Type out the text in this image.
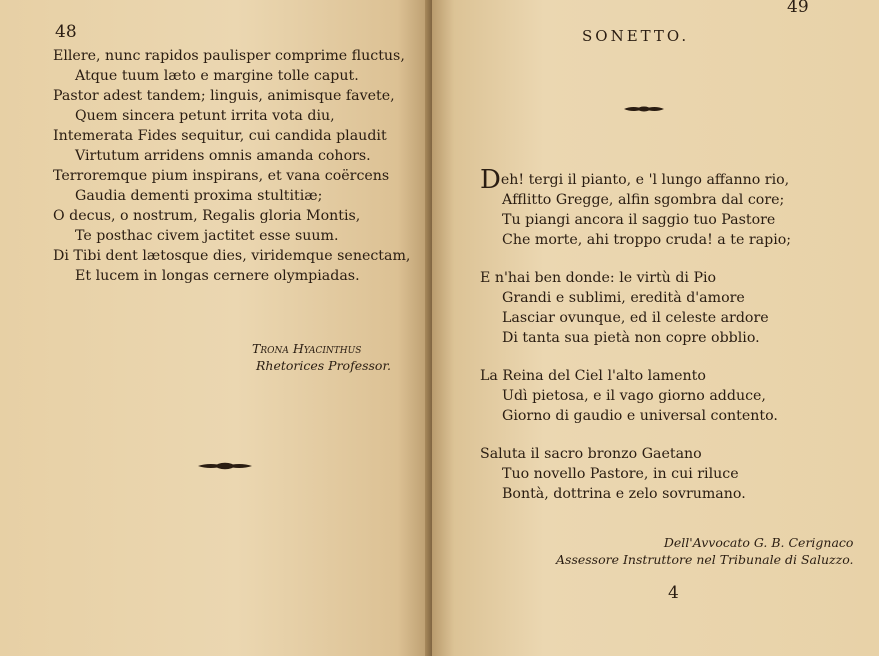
48
Ellere, nunc rapidos paulisper comprime fluctus,
Atque tuum læto e margine tolle caput.
Pastor adest tandem; linguis, animisque favete,
Quem sincera petunt irrita vota diu,
Intemerata Fides sequitur, cui candida plaudit
Virtutum arridens omnis amanda cohors.
Terroremque pium inspirans, et vana coërcens
Gaudia dementi proxima stultitiæ;
O decus, o nostrum, Regalis gloria Montis,
Te posthac civem jactitet esse suum.
Di Tibi dent lætosque dies, viridemque senectam,
Et lucem in longas cernere olympiadas.
Trona Hyacinthus
Rhetorices Professor.
49
SONETTO.
Deh! tergi il pianto, e 'l lungo affanno rio,
Afflitto Gregge, alfin sgombra dal core;
Tu piangi ancora il saggio tuo Pastore
Che morte, ahi troppo cruda! a te rapio;
E n'hai ben donde: le virtù di Pio
Grandi e sublimi, eredità d'amore
Lasciar ovunque, ed il celeste ardore
Di tanta sua pietà non copre obblio.
La Reina del Ciel l'alto lamento
Udì pietosa, e il vago giorno adduce,
Giorno di gaudio e universal contento.
Saluta il sacro bronzo Gaetano
Tuo novello Pastore, in cui riluce
Bontà, dottrina e zelo sovrumano.
Dell'Avvocato G. B. Cerignaco
Assessore Instruttore nel Tribunale di Saluzzo.
4
